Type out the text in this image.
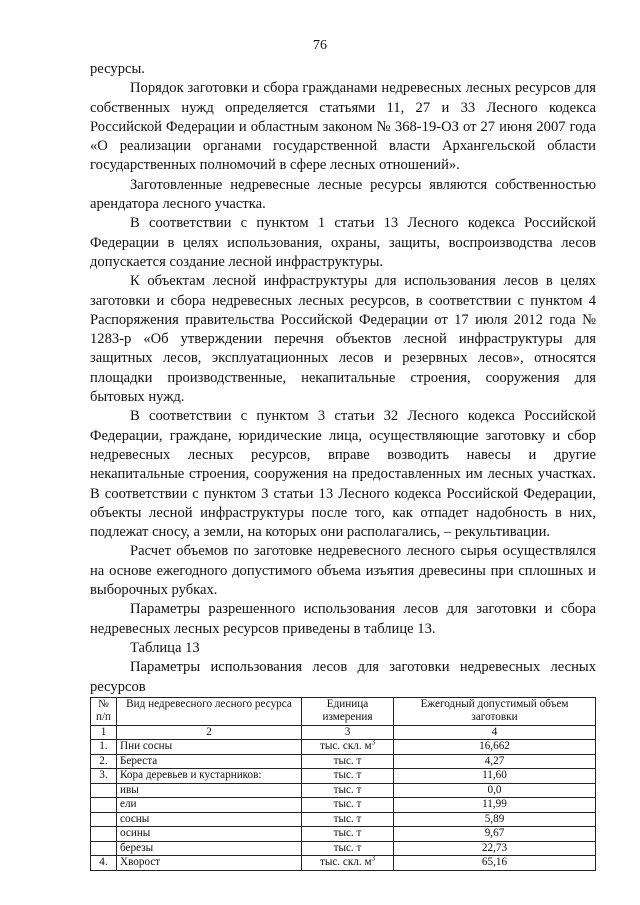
76

ресурсы.

Порядок заготовки и сбора гражданами недревесных лесных ресурсов для собственных нужд определяется статьями 11, 27 и 33 Лесного кодекса Российской Федерации и областным законом № 368-19-ОЗ от 27 июня 2007 года «О реализации органами государственной власти Архангельской области государственных полномочий в сфере лесных отношений».

Заготовленные недревесные лесные ресурсы являются собственностью арендатора лесного участка.

В соответствии с пунктом 1 статьи 13 Лесного кодекса Российской Федерации в целях использования, охраны, защиты, воспроизводства лесов допускается создание лесной инфраструктуры.

К объектам лесной инфраструктуры для использования лесов в целях заготовки и сбора недревесных лесных ресурсов, в соответствии с пунктом 4 Распоряжения правительства Российской Федерации от 17 июля 2012 года № 1283-р «Об утверждении перечня объектов лесной инфраструктуры для защитных лесов, эксплуатационных лесов и резервных лесов», относятся площадки производственные, некапитальные строения, сооружения для бытовых нужд.

В соответствии с пунктом 3 статьи 32 Лесного кодекса Российской Федерации, граждане, юридические лица, осуществляющие заготовку и сбор недревесных лесных ресурсов, вправе возводить навесы и другие некапитальные строения, сооружения на предоставленных им лесных участках. В соответствии с пунктом 3 статьи 13 Лесного кодекса Российской Федерации, объекты лесной инфраструктуры после того, как отпадет надобность в них, подлежат сносу, а земли, на которых они располагались, – рекультивации.

Расчет объемов по заготовке недревесного лесного сырья осуществлялся на основе ежегодного допустимого объема изъятия древесины при сплошных и выборочных рубках.

Параметры разрешенного использования лесов для заготовки и сбора недревесных лесных ресурсов приведены в таблице 13.

Таблица 13

Параметры использования лесов для заготовки недревесных лесных ресурсов

№ п/п	Вид недревесного лесного ресурса	Единица измерения	Ежегодный допустимый объем заготовки
1	2	3	4
1.	Пни сосны	тыс. скл. $м^3$	16,662
2.	Береста	тыс. т	4,27
3.	Кора деревьев и кустарников:	тыс. т	11,60
	ивы	тыс. т	0,0
	ели	тыс. т	11,99
	сосны	тыс. т	5,89
	осины	тыс. т	9,67
	березы	тыс. т	22,73
4.	Хворост	тыс. скл. $м^3$	65,16
